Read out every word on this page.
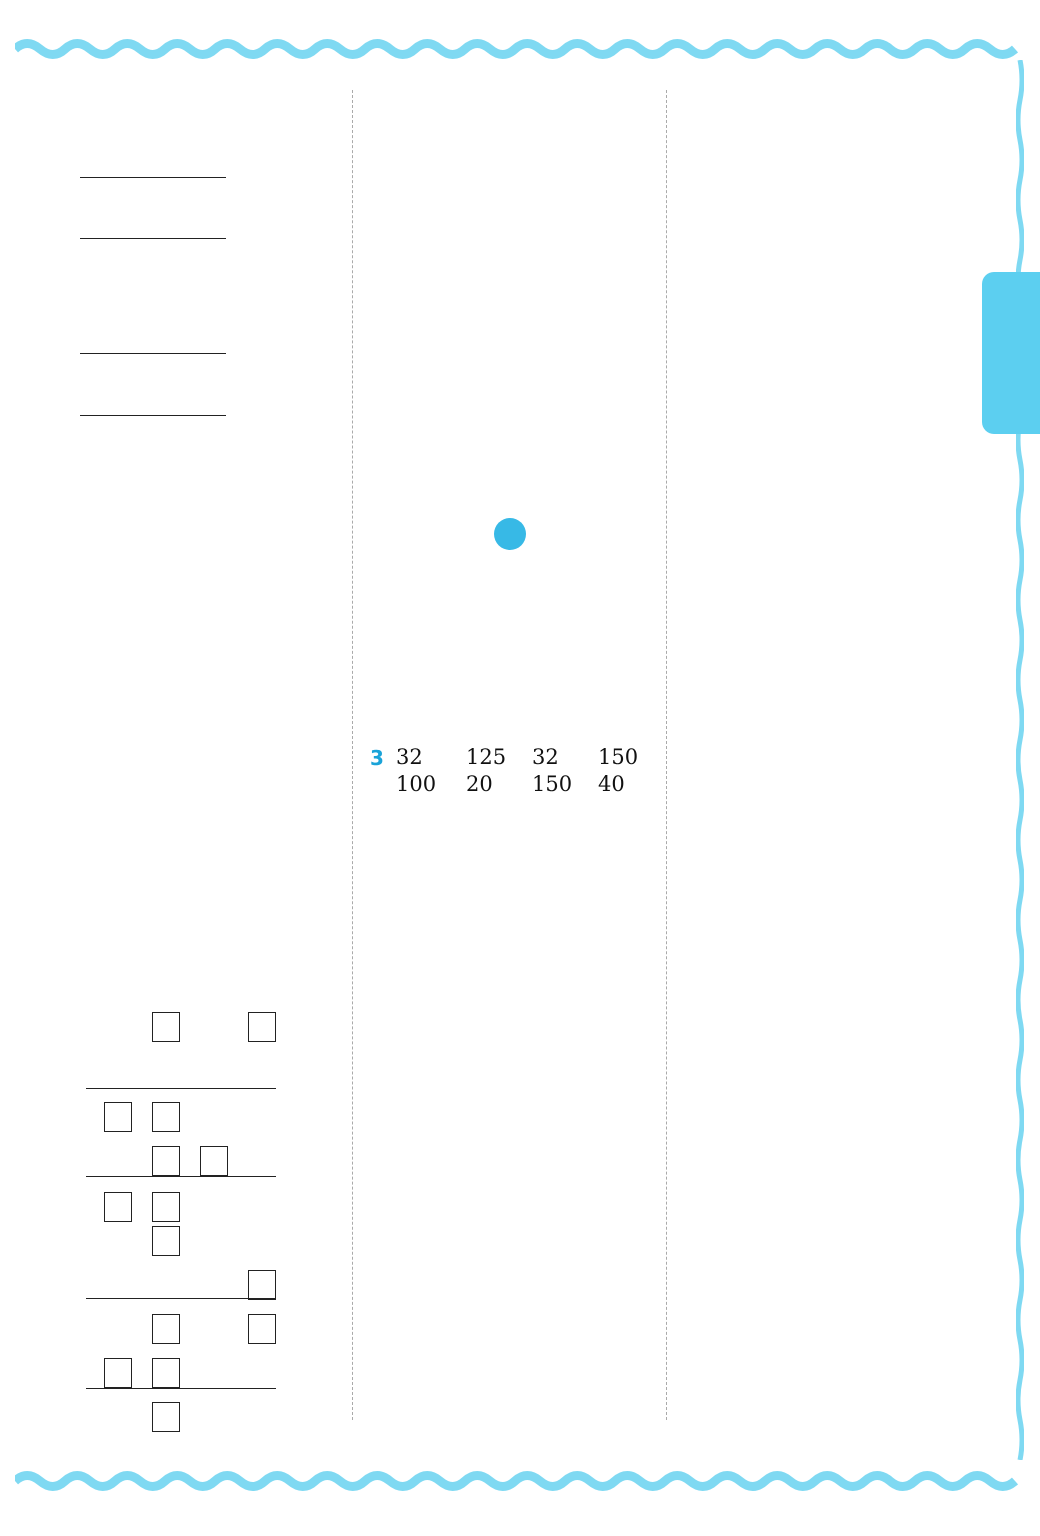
3 32 125 32 150
100 20 150 40
